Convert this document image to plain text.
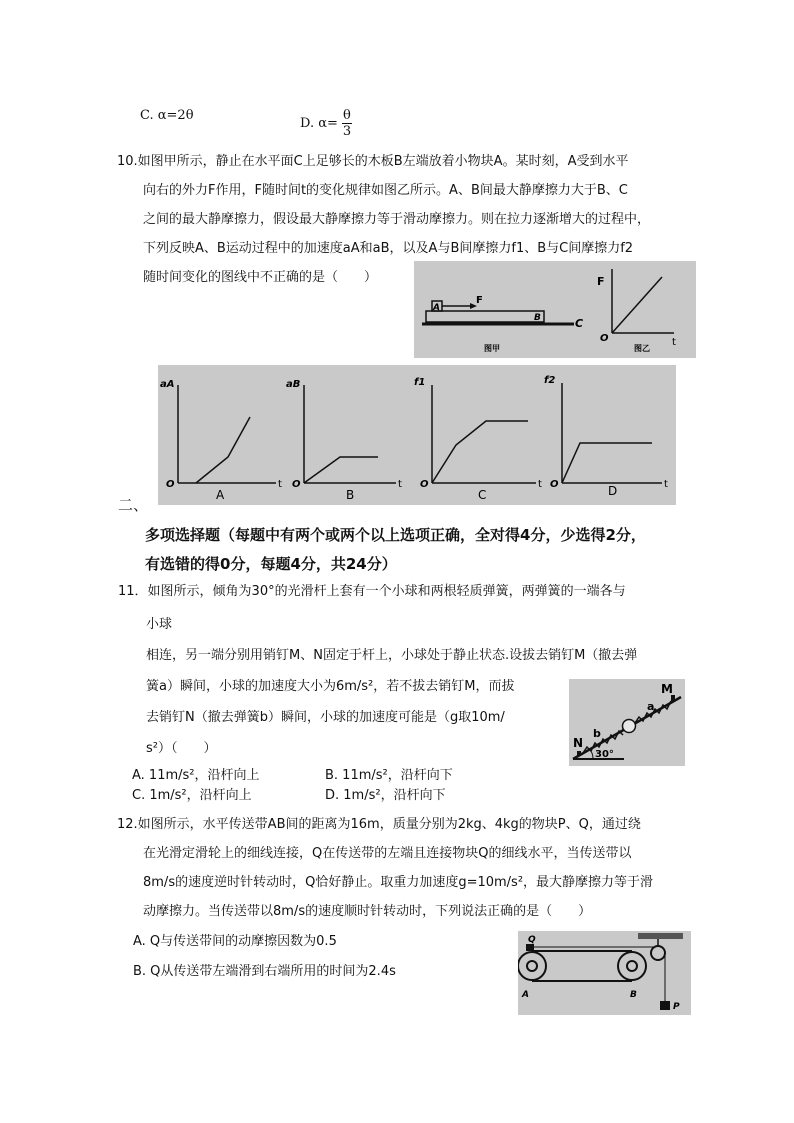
C. α=2θ
D. $\alpha= \frac{\theta}{3}$
10.如图甲所示，静止在水平面C上足够长的木板B左端放着小物块A。某时刻，A受到水平
向右的外力F作用，F随时间t的变化规律如图乙所示。A、B间最大静摩擦力大于B、C
之间的最大静摩擦力，假设最大静摩擦力等于滑动摩擦力。则在拉力逐渐增大的过程中，
下列反映A、B运动过程中的加速度aA和aB，以及A与B间摩擦力f1、B与C间摩擦力f2
随时间变化的图线中不正确的是（　　）
A
F
B	C
图甲
F
O	t
图乙
aA
O	t
A
aB
O	t
B
f1
O	t
C
f2
O	t
D
二、
多项选择题（每题中有两个或两个以上选项正确，全对得4分，少选得2分，
有选错的得0分，每题4分，共24分）
11．如图所示，倾角为30°的光滑杆上套有一个小球和两根轻质弹簧，两弹簧的一端各与
小球
相连，另一端分别用销钉M、N固定于杆上，小球处于静止状态.设拔去销钉M（撤去弹
簧a）瞬间，小球的加速度大小为6m/s²，若不拔去销钉M，而拔
去销钉N（撤去弹簧b）瞬间，小球的加速度可能是（g取10m/
s²）（　　）
A. 11m/s²，沿杆向上	B. 11m/s²，沿杆向下
C. 1m/s²，沿杆向上	D. 1m/s²，沿杆向下
M
a
b
N
30°
12.如图所示，水平传送带AB间的距离为16m，质量分别为2kg、4kg的物块P、Q，通过绕
在光滑定滑轮上的细线连接，Q在传送带的左端且连接物块Q的细线水平，当传送带以
8m/s的速度逆时针转动时，Q恰好静止。取重力加速度g=10m/s²，最大静摩擦力等于滑
动摩擦力。当传送带以8m/s的速度顺时针转动时，下列说法正确的是（　　）
A. Q与传送带间的动摩擦因数为0.5
B. Q从传送带左端滑到右端所用的时间为2.4s
Q
A	B
P
